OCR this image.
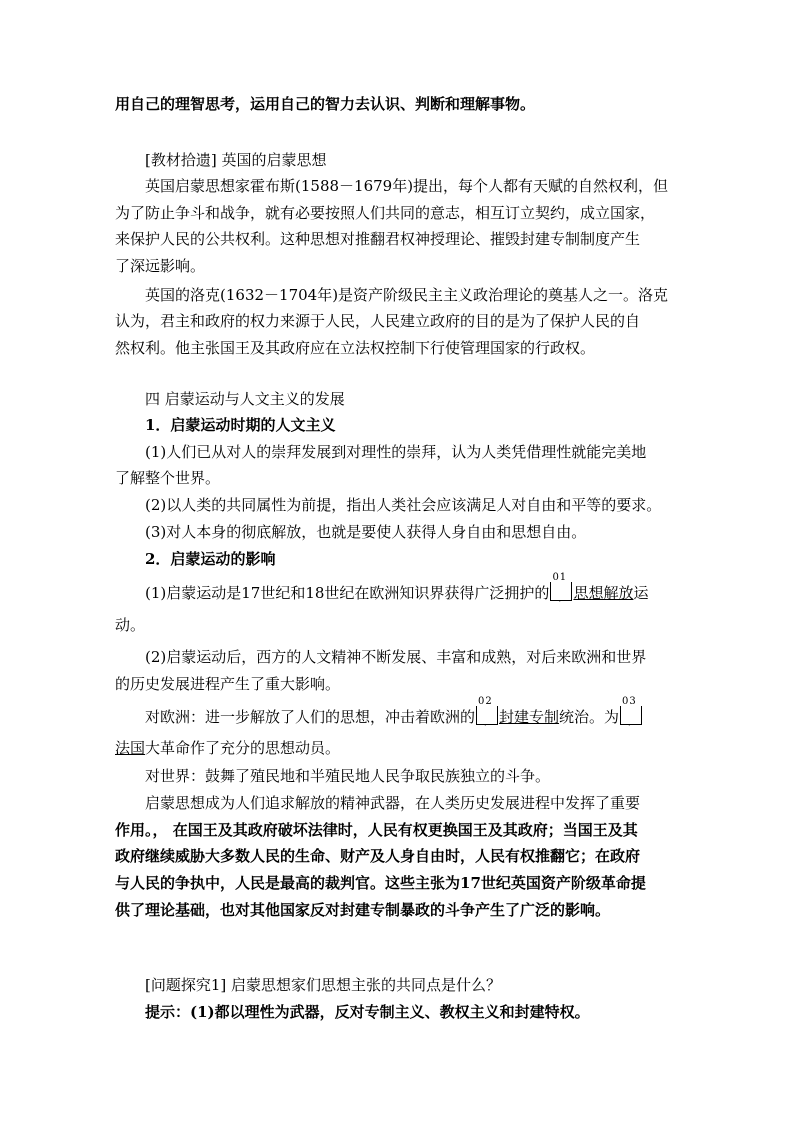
用自己的理智思考，运用自己的智力去认识、判断和理解事物。
[教材拾遗] 英国的启蒙思想
英国启蒙思想家霍布斯(1588－1679年)提出，每个人都有天赋的自然权利，但
为了防止争斗和战争，就有必要按照人们共同的意志，相互订立契约，成立国家，
来保护人民的公共权利。这种思想对推翻君权神授理论、摧毁封建专制制度产生
了深远影响。
英国的洛克(1632－1704年)是资产阶级民主主义政治理论的奠基人之一。洛克
认为，君主和政府的权力来源于人民，人民建立政府的目的是为了保护人民的自
然权利。他主张国王及其政府应在立法权控制下行使管理国家的行政权。
四 启蒙运动与人文主义的发展
1．启蒙运动时期的人文主义
(1)人们已从对人的崇拜发展到对理性的崇拜，认为人类凭借理性就能完美地
了解整个世界。
(2)以人类的共同属性为前提，指出人类社会应该满足人对自由和平等的要求。
(3)对人本身的彻底解放，也就是要使人获得人身自由和思想自由。
2．启蒙运动的影响
(1)启蒙运动是17世纪和18世纪在欧洲知识界获得广泛拥护的
01
· 思想解放运
动。
(2)启蒙运动后，西方的人文精神不断发展、丰富和成熟，对后来欧洲和世界
的历史发展进程产生了重大影响。
对欧洲：进一步解放了人们的思想，冲击着欧洲的
02
· 封建专制统治。为
03
·
法国大革命作了充分的思想动员。
对世界：鼓舞了殖民地和半殖民地人民争取民族独立的斗争。
启蒙思想成为人们追求解放的精神武器，在人类历史发展进程中发挥了重要
作用。， 在国王及其政府破坏法律时，人民有权更换国王及其政府；当国王及其
政府继续威胁大多数人民的生命、财产及人身自由时，人民有权推翻它；在政府
与人民的争执中，人民是最高的裁判官。这些主张为17世纪英国资产阶级革命提
供了理论基础，也对其他国家反对封建专制暴政的斗争产生了广泛的影响。
[问题探究1] 启蒙思想家们思想主张的共同点是什么？
提示：(1)都以理性为武器，反对专制主义、教权主义和封建特权。
